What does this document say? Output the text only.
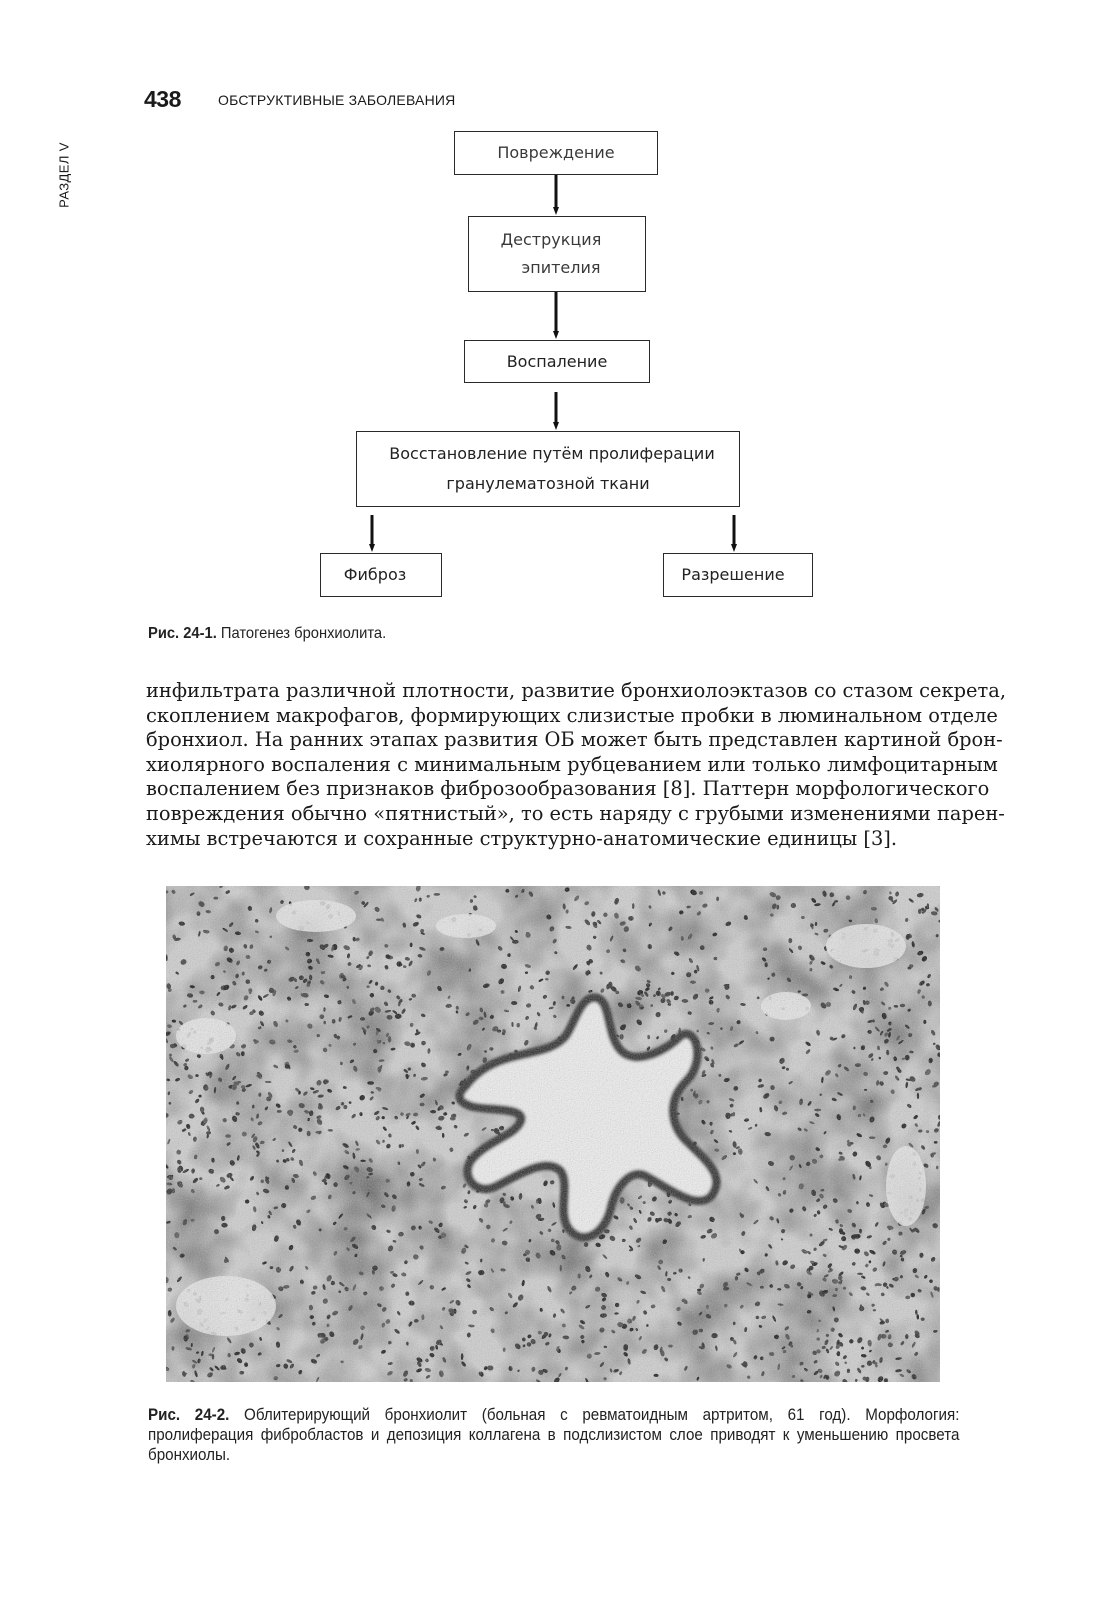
438	ОБСТРУКТИВНЫЕ ЗАБОЛЕВАНИЯ
РАЗДЕЛ V	Повреждение
Деструкция
эпителия
Воспаление
Восстановление путём пролиферации
гранулематозной ткани
Фиброз	Разрешение
Рис. 24-1. Патогенез бронхиолита.
инфильтрата различной плотности, развитие бронхиолоэктазов со стазом секрета,
скоплением макрофагов, формирующих слизистые пробки в люминальном отделе
бронхиол. На ранних этапах развития ОБ может быть представлен картиной брон-
хиолярного воспаления с минимальным рубцеванием или только лимфоцитарным
воспалением без признаков фиброзообразования [8]. Паттерн морфологического
повреждения обычно «пятнистый», то есть наряду с грубыми изменениями парен-
химы встречаются и сохранные структурно-анатомические единицы [3].
Рис. 24-2. Облитерирующий бронхиолит (больная с ревматоидным артритом, 61 год). Морфология: пролиферация фибробластов и депозиция коллагена в подслизистом слое приводят к уменьшению просвета бронхиолы.
